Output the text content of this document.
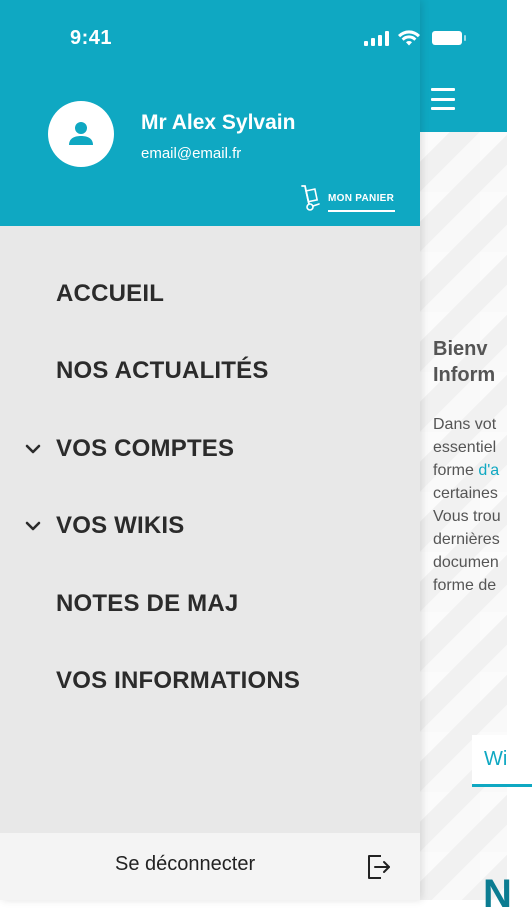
Bienv
Inform
Dans vot
essentiel
forme d'a
certaines
Vous trou
dernières
documen
forme de
Wi
N
9:41
Mr Alex Sylvain
email@email.fr
MON PANIER
ACCUEIL
NOS ACTUALITÉS
VOS COMPTES
VOS WIKIS
NOTES DE MAJ
VOS INFORMATIONS
Se déconnecter
